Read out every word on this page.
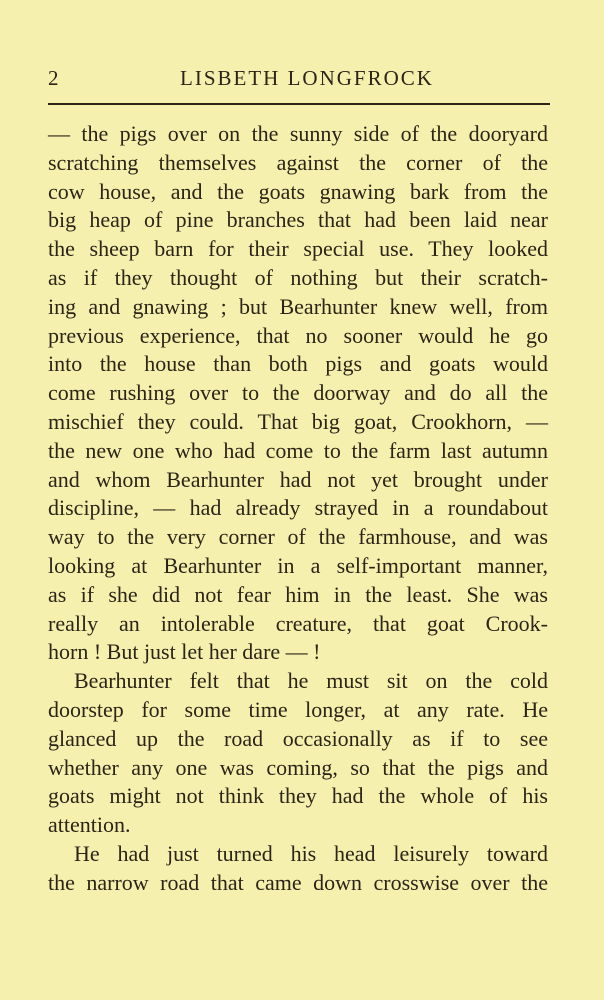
2	LISBETH LONGFROCK
— the pigs over on the sunny side of the dooryard
scratching themselves against the corner of the
cow house, and the goats gnawing bark from the
big heap of pine branches that had been laid near
the sheep barn for their special use. They looked
as if they thought of nothing but their scratch-
ing and gnawing ; but Bearhunter knew well, from
previous experience, that no sooner would he go
into the house than both pigs and goats would
come rushing over to the doorway and do all the
mischief they could. That big goat, Crookhorn, —
the new one who had come to the farm last autumn
and whom Bearhunter had not yet brought under
discipline, — had already strayed in a roundabout
way to the very corner of the farmhouse, and was
looking at Bearhunter in a self-important manner,
as if she did not fear him in the least. She was
really an intolerable creature, that goat Crook-
horn ! But just let her dare — !
Bearhunter felt that he must sit on the cold
doorstep for some time longer, at any rate. He
glanced up the road occasionally as if to see
whether any one was coming, so that the pigs and
goats might not think they had the whole of his
attention.
He had just turned his head leisurely toward
the narrow road that came down crosswise over the
